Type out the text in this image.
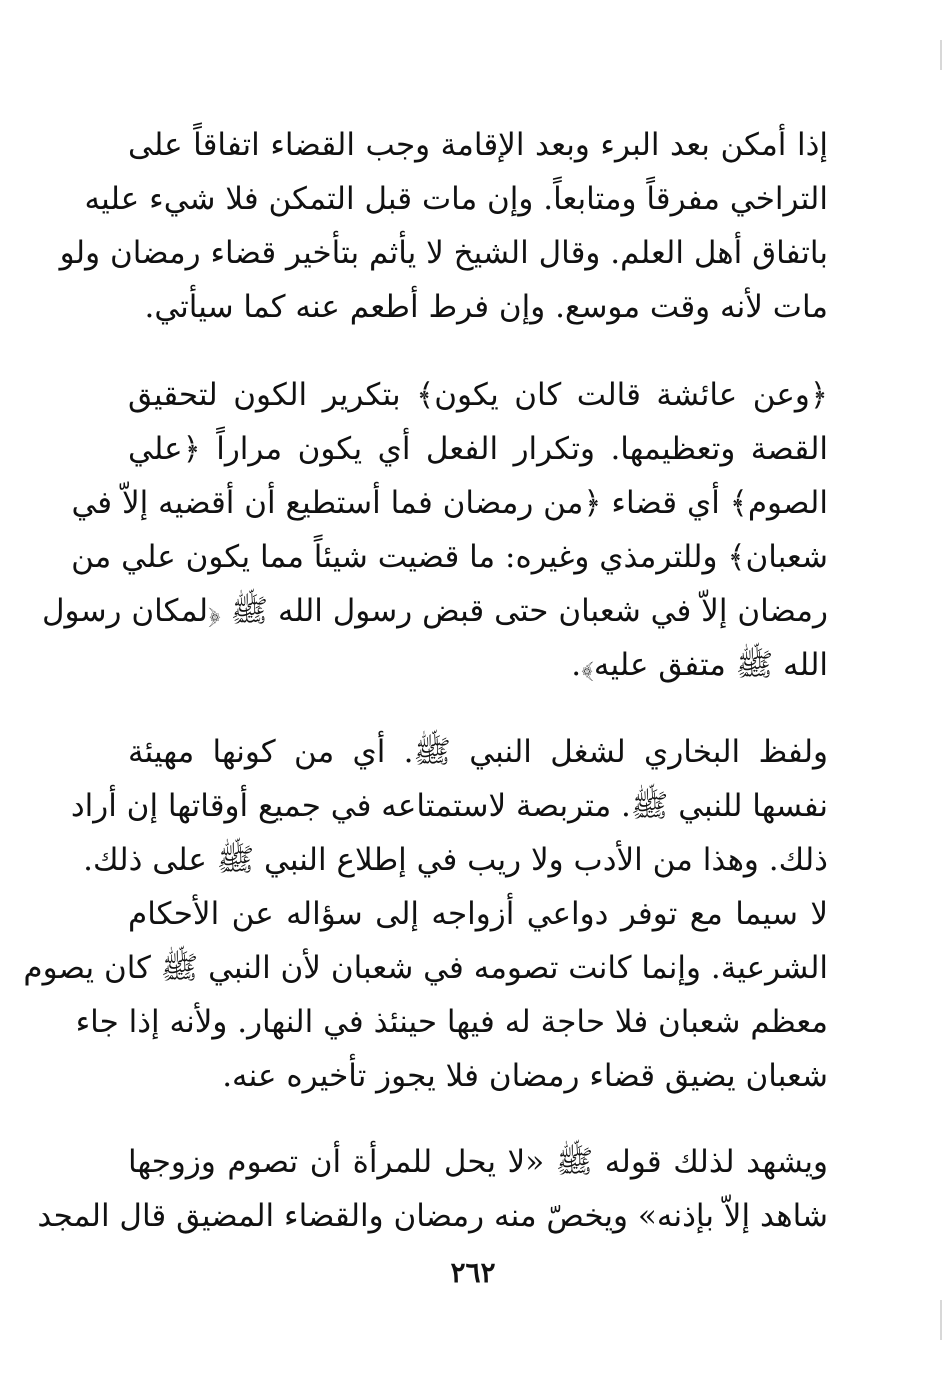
إذا أمكن بعد البرء وبعد الإقامة وجب القضاء اتفاقاً على
التراخي مفرقاً ومتابعاً. وإن مات قبل التمكن فلا شيء عليه
باتفاق أهل العلم. وقال الشيخ لا يأثم بتأخير قضاء رمضان ولو
مات لأنه وقت موسع. وإن فرط أطعم عنه كما سيأتي.
﴿وعن عائشة قالت كان يكون﴾ بتكرير الكون لتحقيق
القصة وتعظيمها. وتكرار الفعل أي يكون مراراً ﴿علي
الصوم﴾ أي قضاء ﴿من رمضان فما أستطيع أن أقضيه إلاّ في
شعبان﴾ وللترمذي وغيره: ما قضيت شيئاً مما يكون علي من
رمضان إلاّ في شعبان حتى قبض رسول الله ﷺ ﴿لمكان رسول
الله ﷺ متفق عليه﴾.
ولفظ البخاري لشغل النبي ﷺ. أي من كونها مهيئة
نفسها للنبي ﷺ. متربصة لاستمتاعه في جميع أوقاتها إن أراد
ذلك. وهذا من الأدب ولا ريب في إطلاع النبي ﷺ على ذلك.
لا سيما مع توفر دواعي أزواجه إلى سؤاله عن الأحكام
الشرعية. وإنما كانت تصومه في شعبان لأن النبي ﷺ كان يصوم
معظم شعبان فلا حاجة له فيها حينئذ في النهار. ولأنه إذا جاء
شعبان يضيق قضاء رمضان فلا يجوز تأخيره عنه.
ويشهد لذلك قوله ﷺ «لا يحل للمرأة أن تصوم وزوجها
شاهد إلاّ بإذنه» ويخصّ منه رمضان والقضاء المضيق قال المجد
٢٦٢
